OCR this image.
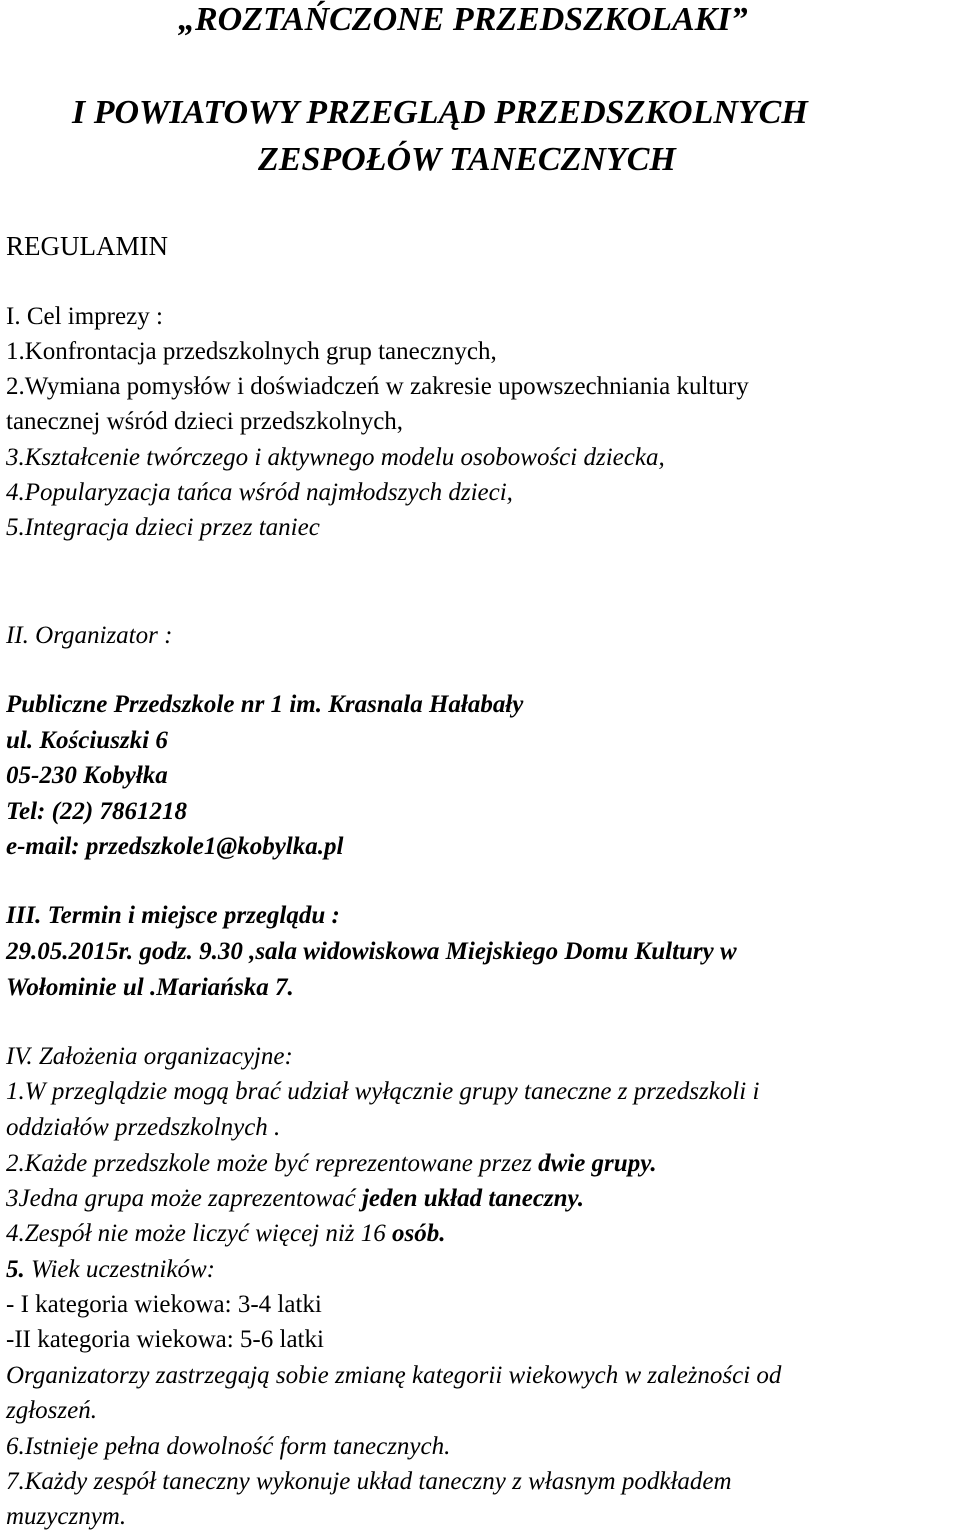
„ROZTAŃCZONE PRZEDSZKOLAKI”
I POWIATOWY PRZEGLĄD PRZEDSZKOLNYCH
ZESPOŁÓW TANECZNYCH
REGULAMIN
I. Cel imprezy :
1.Konfrontacja przedszkolnych grup tanecznych,
2.Wymiana pomysłów i doświadczeń w zakresie upowszechniania kultury
tanecznej wśród dzieci przedszkolnych,
3.Kształcenie twórczego i aktywnego modelu osobowości dziecka,
4.Popularyzacja tańca wśród najmłodszych dzieci,
5.Integracja dzieci przez taniec
II. Organizator :
Publiczne Przedszkole nr 1 im. Krasnala Hałabały
ul. Kościuszki 6
05-230 Kobyłka
Tel: (22) 7861218
e-mail: przedszkole1@kobylka.pl
III. Termin i miejsce przeglądu :
29.05.2015r. godz. 9.30 ,sala widowiskowa Miejskiego Domu Kultury w
Wołominie ul .Mariańska 7.
IV. Założenia organizacyjne:
1.W przeglądzie mogą brać udział wyłącznie grupy taneczne z przedszkoli i
oddziałów przedszkolnych .
2.Każde przedszkole może być reprezentowane przez dwie grupy.
3Jedna grupa może zaprezentować jeden układ taneczny.
4.Zespół nie może liczyć więcej niż 16 osób.
5. Wiek uczestników:
- I kategoria wiekowa: 3-4 latki
-II kategoria wiekowa: 5-6 latki
Organizatorzy zastrzegają sobie zmianę kategorii wiekowych w zależności od
zgłoszeń.
6.Istnieje pełna dowolność form tanecznych.
7.Każdy zespół taneczny wykonuje układ taneczny z własnym podkładem
muzycznym.
